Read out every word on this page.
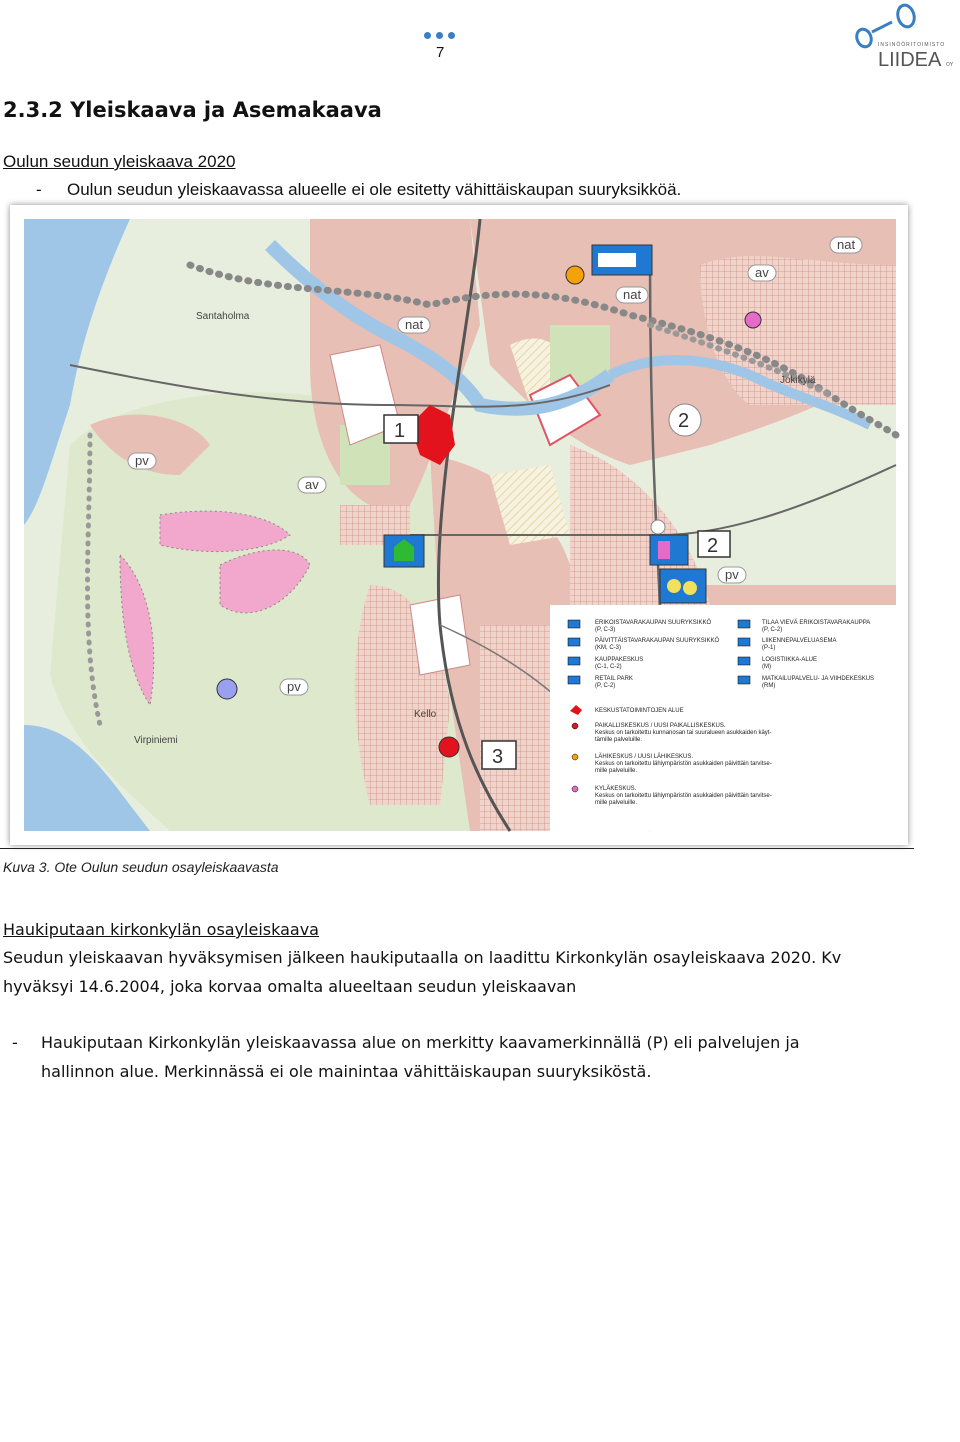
7	INSINÖÖRITOIMISTO
LIIDEA OY
2.3.2 Yleiskaava ja Asemakaava
Oulun seudun yleiskaava 2020
- Oulun seudun yleiskaavassa alueelle ei ole esitetty vähittäiskaupan suuryksikköä.
nat
nat
nat
av
av
pv
pv
pv
Santaholma
Virpiniemi
Kello
Jokikylä
1	2
2
3
ERIKOISTAVARAKAUPAN SUURYKSIKKÖ
(P, C-3)
TILAA VIEVÄ ERIKOISTAVARAKAUPPA
(P, C-2)
PÄIVITTÄISTAVARAKAUPAN SUURYKSIKKÖ
(KM, C-3)
LIIKENNEPALVELUASEMA
(P-1)
KAUPPAKESKUS
(C-1, C-2)
LOGISTIIKKA-ALUE
(M)
RETAIL PARK
(P, C-2)
MATKAILUPALVELU- JA VIIHDEKESKUS
(RM)
KESKUSTATOIMINTOJEN ALUE
PAIKALLISKESKUS / UUSI PAIKALLISKESKUS.
Keskus on tarkoitettu kunnanosan tai suuralueen asukkaiden käyt-
tämille palveluille.
LÄHIKESKUS / UUSI LÄHIKESKUS.
Keskus on tarkoitettu lähiympäristön asukkaiden päivittäin tarvitse-
mille palveluille.
KYLÄKESKUS.
Keskus on tarkoitettu lähiympäristön asukkaiden päivittäin tarvitse-
mille palveluille.
Kuva 3. Ote Oulun seudun osayleiskaavasta
Haukiputaan kirkonkylän osayleiskaava
Seudun yleiskaavan hyväksymisen jälkeen haukiputaalla on laadittu Kirkonkylän osayleiskaava 2020. Kv
hyväksyi 14.6.2004, joka korvaa omalta alueeltaan seudun yleiskaavan
- Haukiputaan Kirkonkylän yleiskaavassa alue on merkitty kaavamerkinnällä (P) eli palvelujen ja
hallinnon alue. Merkinnässä ei ole mainintaa vähittäiskaupan suuryksiköstä.
